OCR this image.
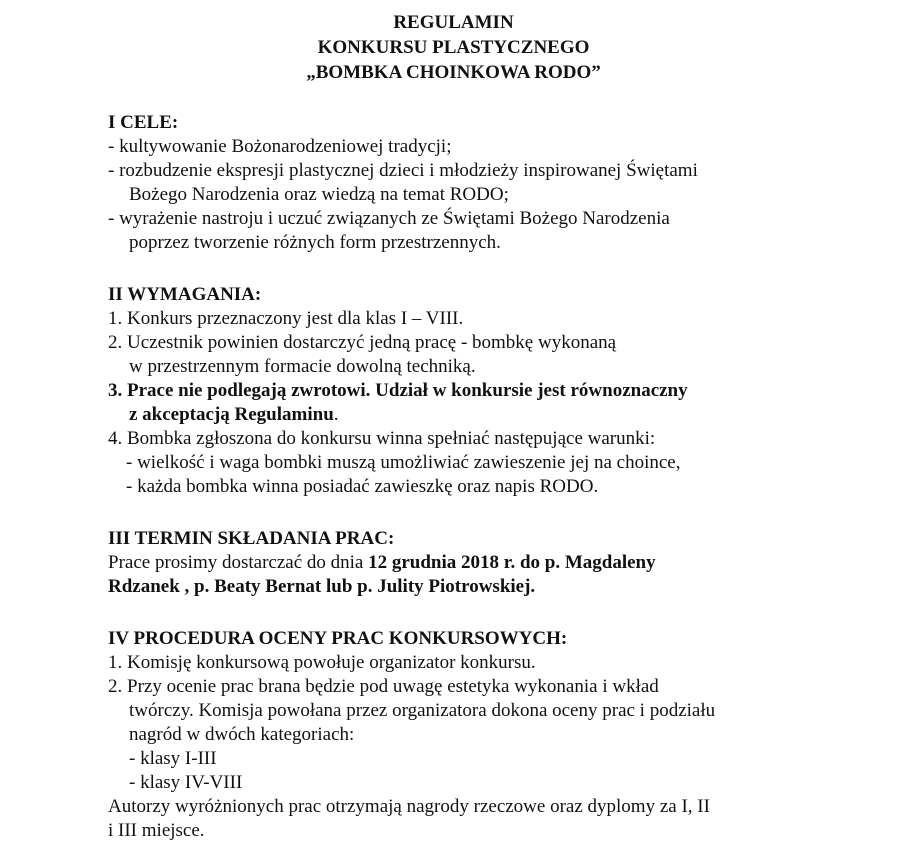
REGULAMIN
KONKURSU PLASTYCZNEGO
„BOMBKA CHOINKOWA RODO”
I CELE:
- kultywowanie Bożonarodzeniowej tradycji;
- rozbudzenie ekspresji plastycznej dzieci i młodzieży inspirowanej Świętami
Bożego Narodzenia oraz wiedzą na temat RODO;
- wyrażenie nastroju i uczuć związanych ze Świętami Bożego Narodzenia
poprzez tworzenie różnych form przestrzennych.
II WYMAGANIA:
1. Konkurs przeznaczony jest dla klas I – VIII.
2. Uczestnik powinien dostarczyć jedną pracę - bombkę wykonaną
w przestrzennym formacie dowolną techniką.
3. Prace nie podlegają zwrotowi. Udział w konkursie jest równoznaczny
z akceptacją Regulaminu.
4. Bombka zgłoszona do konkursu winna spełniać następujące warunki:
- wielkość i waga bombki muszą umożliwiać zawieszenie jej na choince,
- każda bombka winna posiadać zawieszkę oraz napis RODO.
III TERMIN SKŁADANIA PRAC:
Prace prosimy dostarczać do dnia 12 grudnia 2018 r. do p. Magdaleny
Rdzanek , p. Beaty Bernat lub p. Julity Piotrowskiej.
IV PROCEDURA OCENY PRAC KONKURSOWYCH:
1. Komisję konkursową powołuje organizator konkursu.
2. Przy ocenie prac brana będzie pod uwagę estetyka wykonania i wkład
twórczy. Komisja powołana przez organizatora dokona oceny prac i podziału
nagród w dwóch kategoriach:
- klasy I-III
- klasy IV-VIII
Autorzy wyróżnionych prac otrzymają nagrody rzeczowe oraz dyplomy za I, II
i III miejsce.
